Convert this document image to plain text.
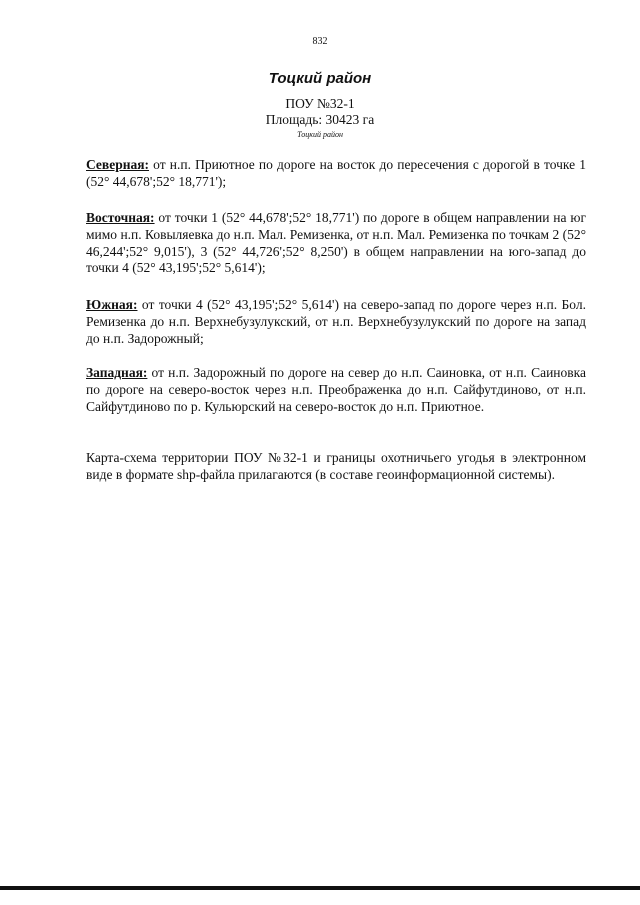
832
Тоцкий район
ПОУ №32-1
Площадь: 30423 га
Тоцкий район

Северная: от н.п. Приютное по дороге на восток до пересечения с дорогой в точке 1 (52° 44,678';52° 18,771');

Восточная: от точки 1 (52° 44,678';52° 18,771') по дороге в общем направлении на юг мимо н.п. Ковыляевка до н.п. Мал. Ремизенка, от н.п. Мал. Ремизенка по точкам 2 (52° 46,244';52° 9,015'), 3 (52° 44,726';52° 8,250') в общем направлении на юго-запад до точки 4 (52° 43,195';52° 5,614');

Южная: от точки 4 (52° 43,195';52° 5,614') на северо-запад по дороге через н.п. Бол. Ремизенка до н.п. Верхнебузулукский, от н.п. Верхнебузулукский по дороге на запад до н.п. Задорожный;

Западная: от н.п. Задорожный по дороге на север до н.п. Саиновка, от н.п. Саиновка по дороге на северо-восток через н.п. Преображенка до н.п. Сайфутдиново, от н.п. Сайфутдиново по р. Кульюрский на северо-восток до н.п. Приютное.

Карта-схема территории ПОУ №32-1 и границы охотничьего угодья в электронном виде в формате shp-файла прилагаются (в составе геоинформационной системы).
